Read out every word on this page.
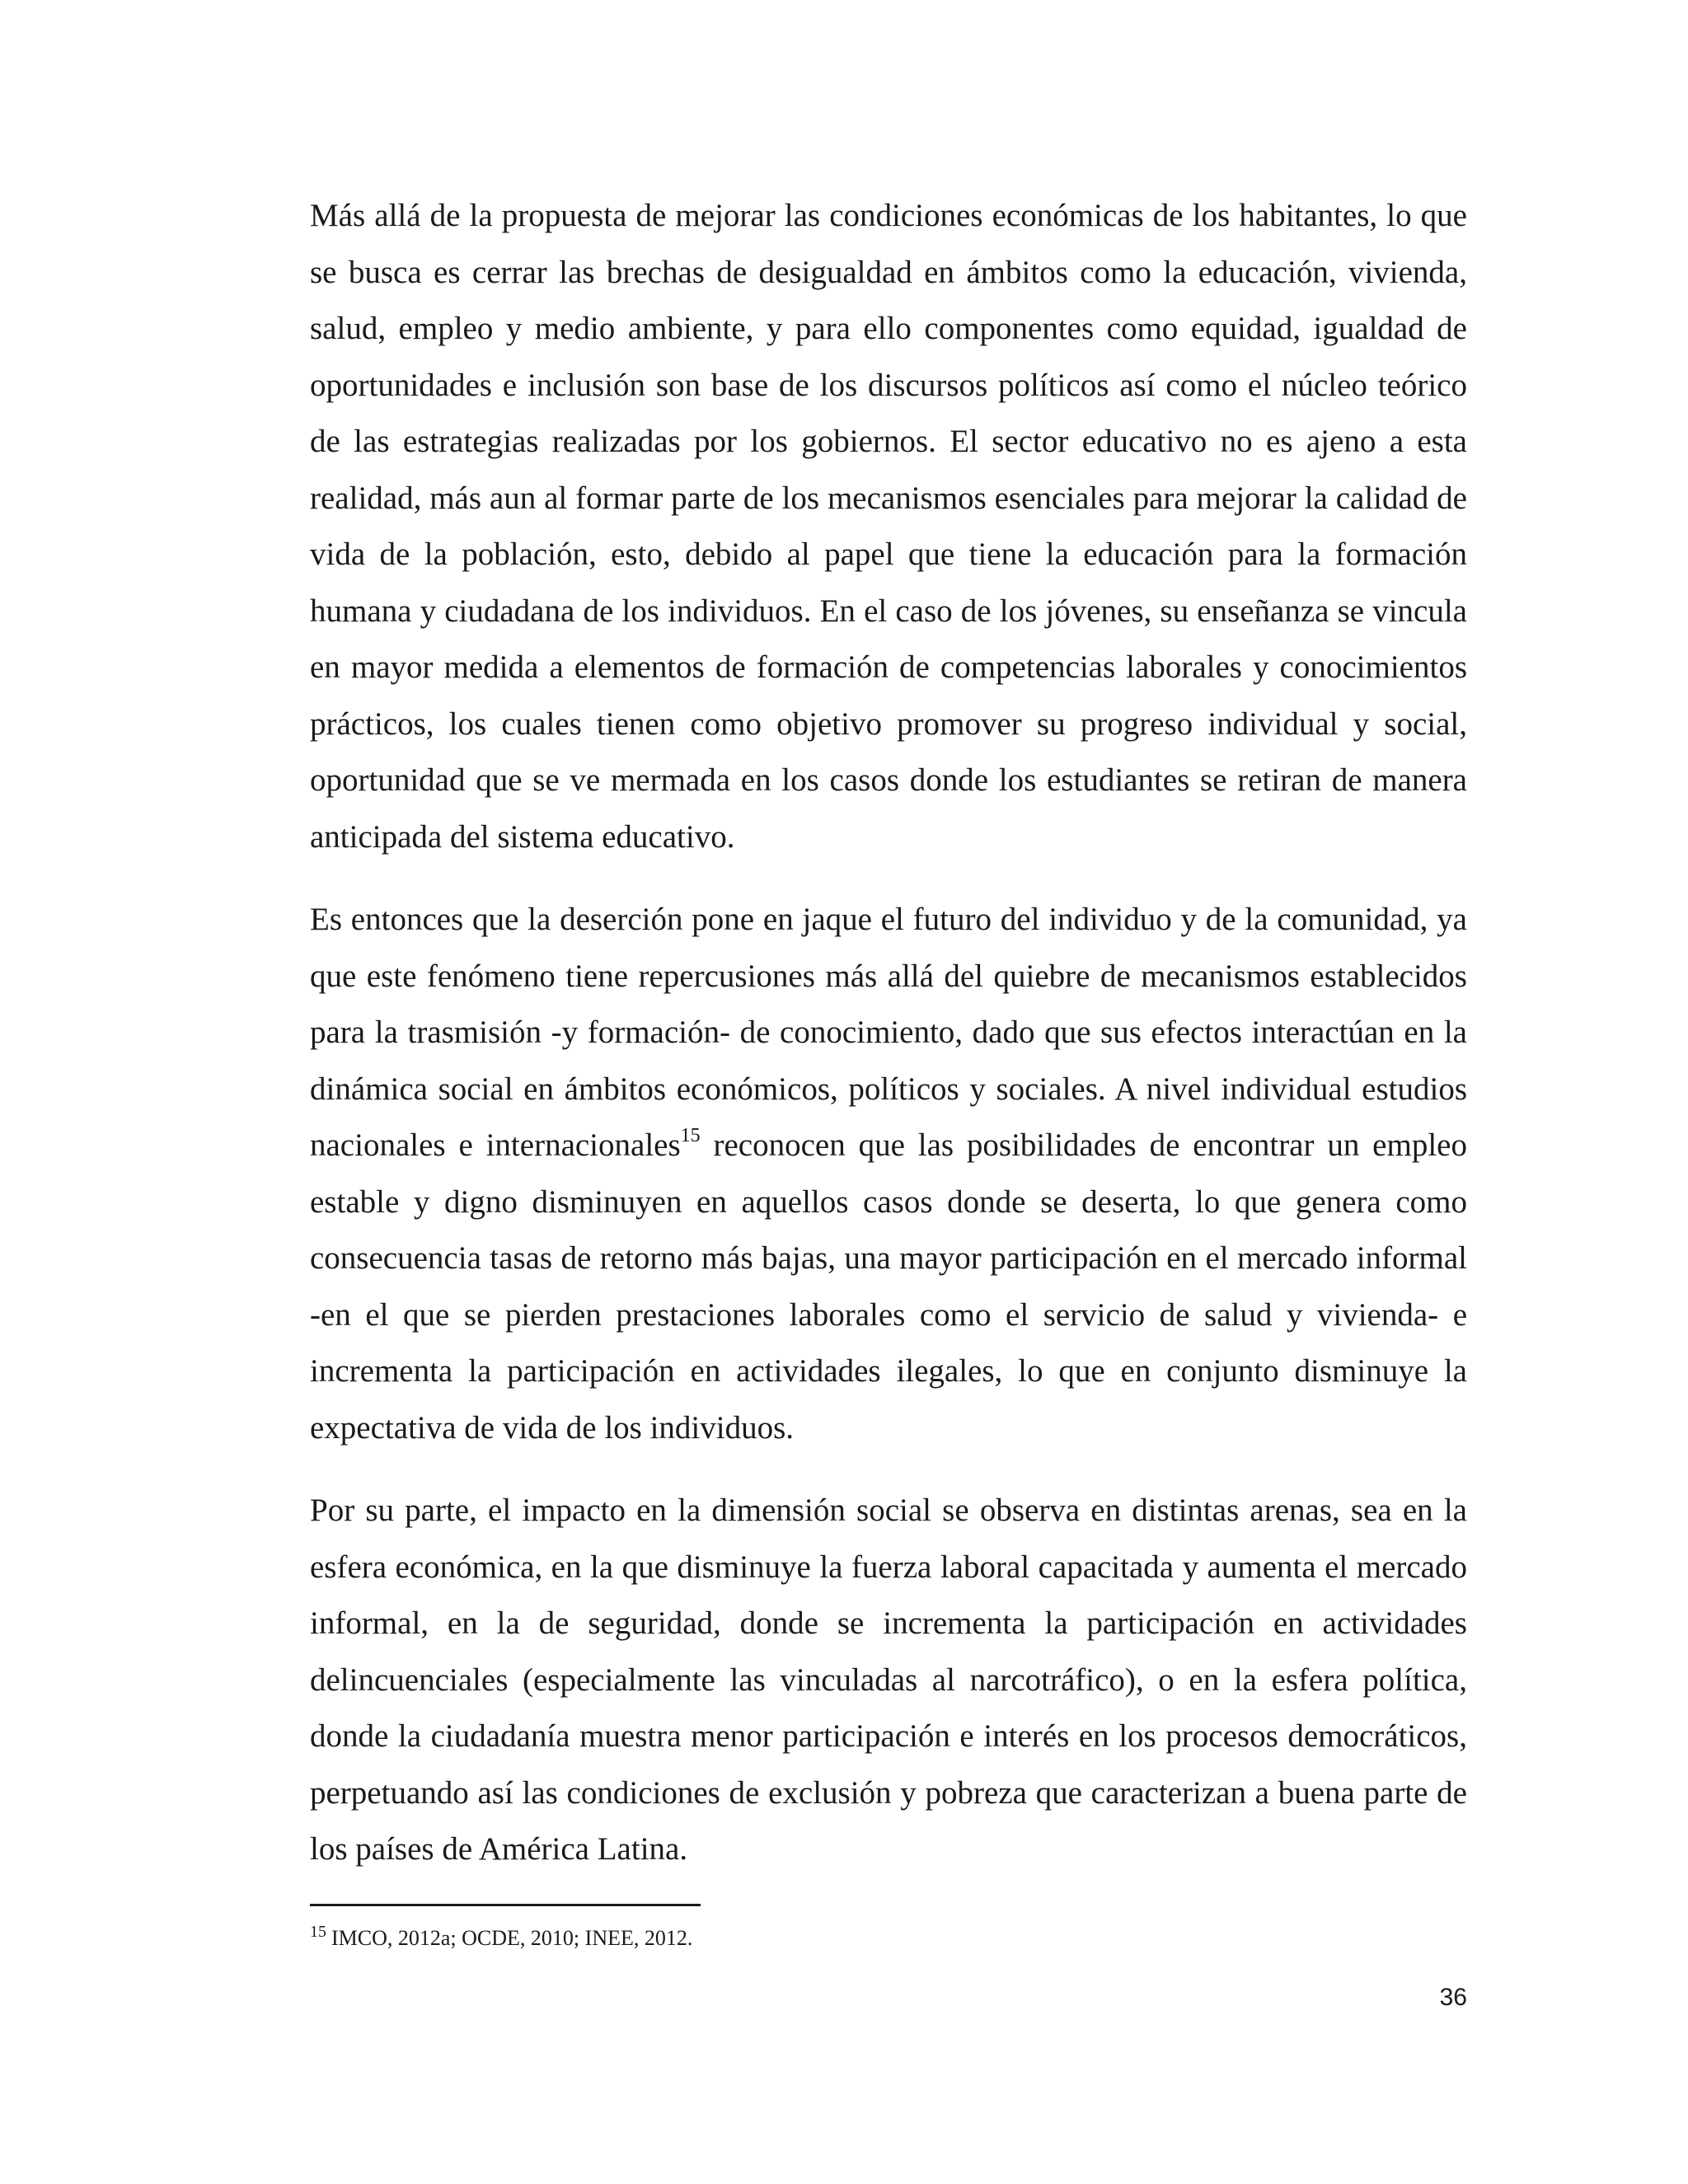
Más allá de la propuesta de mejorar las condiciones económicas de los habitantes, lo que se busca es cerrar las brechas de desigualdad en ámbitos como la educación, vivienda, salud, empleo y medio ambiente, y para ello componentes como equidad, igualdad de oportunidades e inclusión son base de los discursos políticos así como el núcleo teórico de las estrategias realizadas por los gobiernos. El sector educativo no es ajeno a esta realidad, más aun al formar parte de los mecanismos esenciales para mejorar la calidad de vida de la población, esto, debido al papel que tiene la educación para la formación humana y ciudadana de los individuos. En el caso de los jóvenes, su enseñanza se vincula en mayor medida a elementos de formación de competencias laborales y conocimientos prácticos, los cuales tienen como objetivo promover su progreso individual y social, oportunidad que se ve mermada en los casos donde los estudiantes se retiran de manera anticipada del sistema educativo.

Es entonces que la deserción pone en jaque el futuro del individuo y de la comunidad, ya que este fenómeno tiene repercusiones más allá del quiebre de mecanismos establecidos para la trasmisión -y formación- de conocimiento, dado que sus efectos interactúan en la dinámica social en ámbitos económicos, políticos y sociales. A nivel individual estudios nacionales e internacionales$^{15}$ reconocen que las posibilidades de encontrar un empleo estable y digno disminuyen en aquellos casos donde se deserta, lo que genera como consecuencia tasas de retorno más bajas, una mayor participación en el mercado informal -en el que se pierden prestaciones laborales como el servicio de salud y vivienda- e incrementa la participación en actividades ilegales, lo que en conjunto disminuye la expectativa de vida de los individuos.

Por su parte, el impacto en la dimensión social se observa en distintas arenas, sea en la esfera económica, en la que disminuye la fuerza laboral capacitada y aumenta el mercado informal, en la de seguridad, donde se incrementa la participación en actividades delincuenciales (especialmente las vinculadas al narcotráfico), o en la esfera política, donde la ciudadanía muestra menor participación e interés en los procesos democráticos, perpetuando así las condiciones de exclusión y pobreza que caracterizan a buena parte de los países de América Latina.

$^{15}$ IMCO, 2012a; OCDE, 2010; INEE, 2012.
36
